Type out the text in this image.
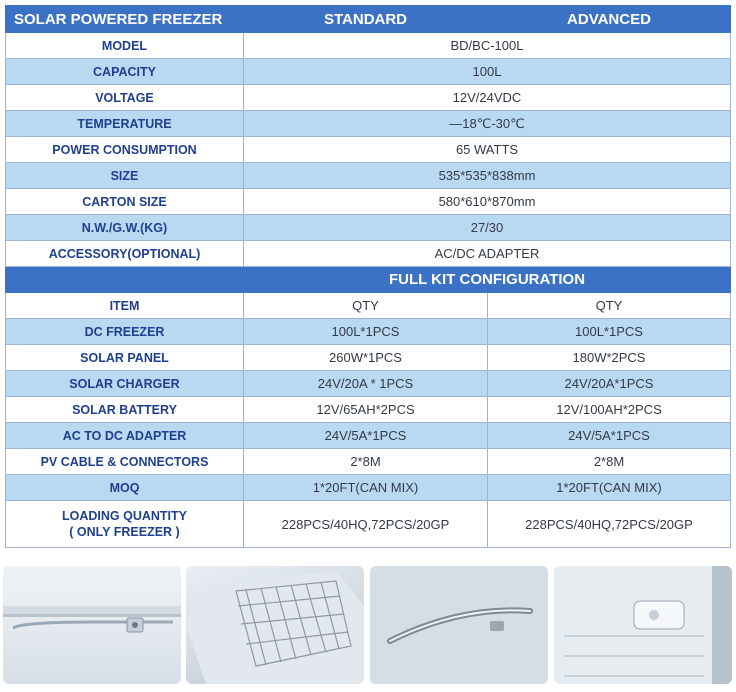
SOLAR POWERED FREEZER	STANDARD	ADVANCED
MODEL	BD/BC-100L	
CAPACITY	100L	
VOLTAGE	12V/24VDC	
TEMPERATURE	—18℃-30℃	
POWER CONSUMPTION	65 WATTS	
SIZE	535*535*838mm	
CARTON SIZE	580*610*870mm	
N.W./G.W.(KG)	27/30	
ACCESSORY(OPTIONAL)	AC/DC ADAPTER	
	FULL KIT CONFIGURATION	
ITEM	QTY	QTY
DC FREEZER	100L*1PCS	100L*1PCS
SOLAR PANEL	260W*1PCS	180W*2PCS
SOLAR CHARGER	24V/20A * 1PCS	24V/20A*1PCS
SOLAR BATTERY	12V/65AH*2PCS	12V/100AH*2PCS
AC TO DC ADAPTER	24V/5A*1PCS	24V/5A*1PCS
PV CABLE & CONNECTORS	2*8M	2*8M
MOQ	1*20FT(CAN MIX)	1*20FT(CAN MIX)

LOADING QUANTITY
( ONLY FREEZER )	228PCS/40HQ,72PCS/20GP	228PCS/40HQ,72PCS/20GP
